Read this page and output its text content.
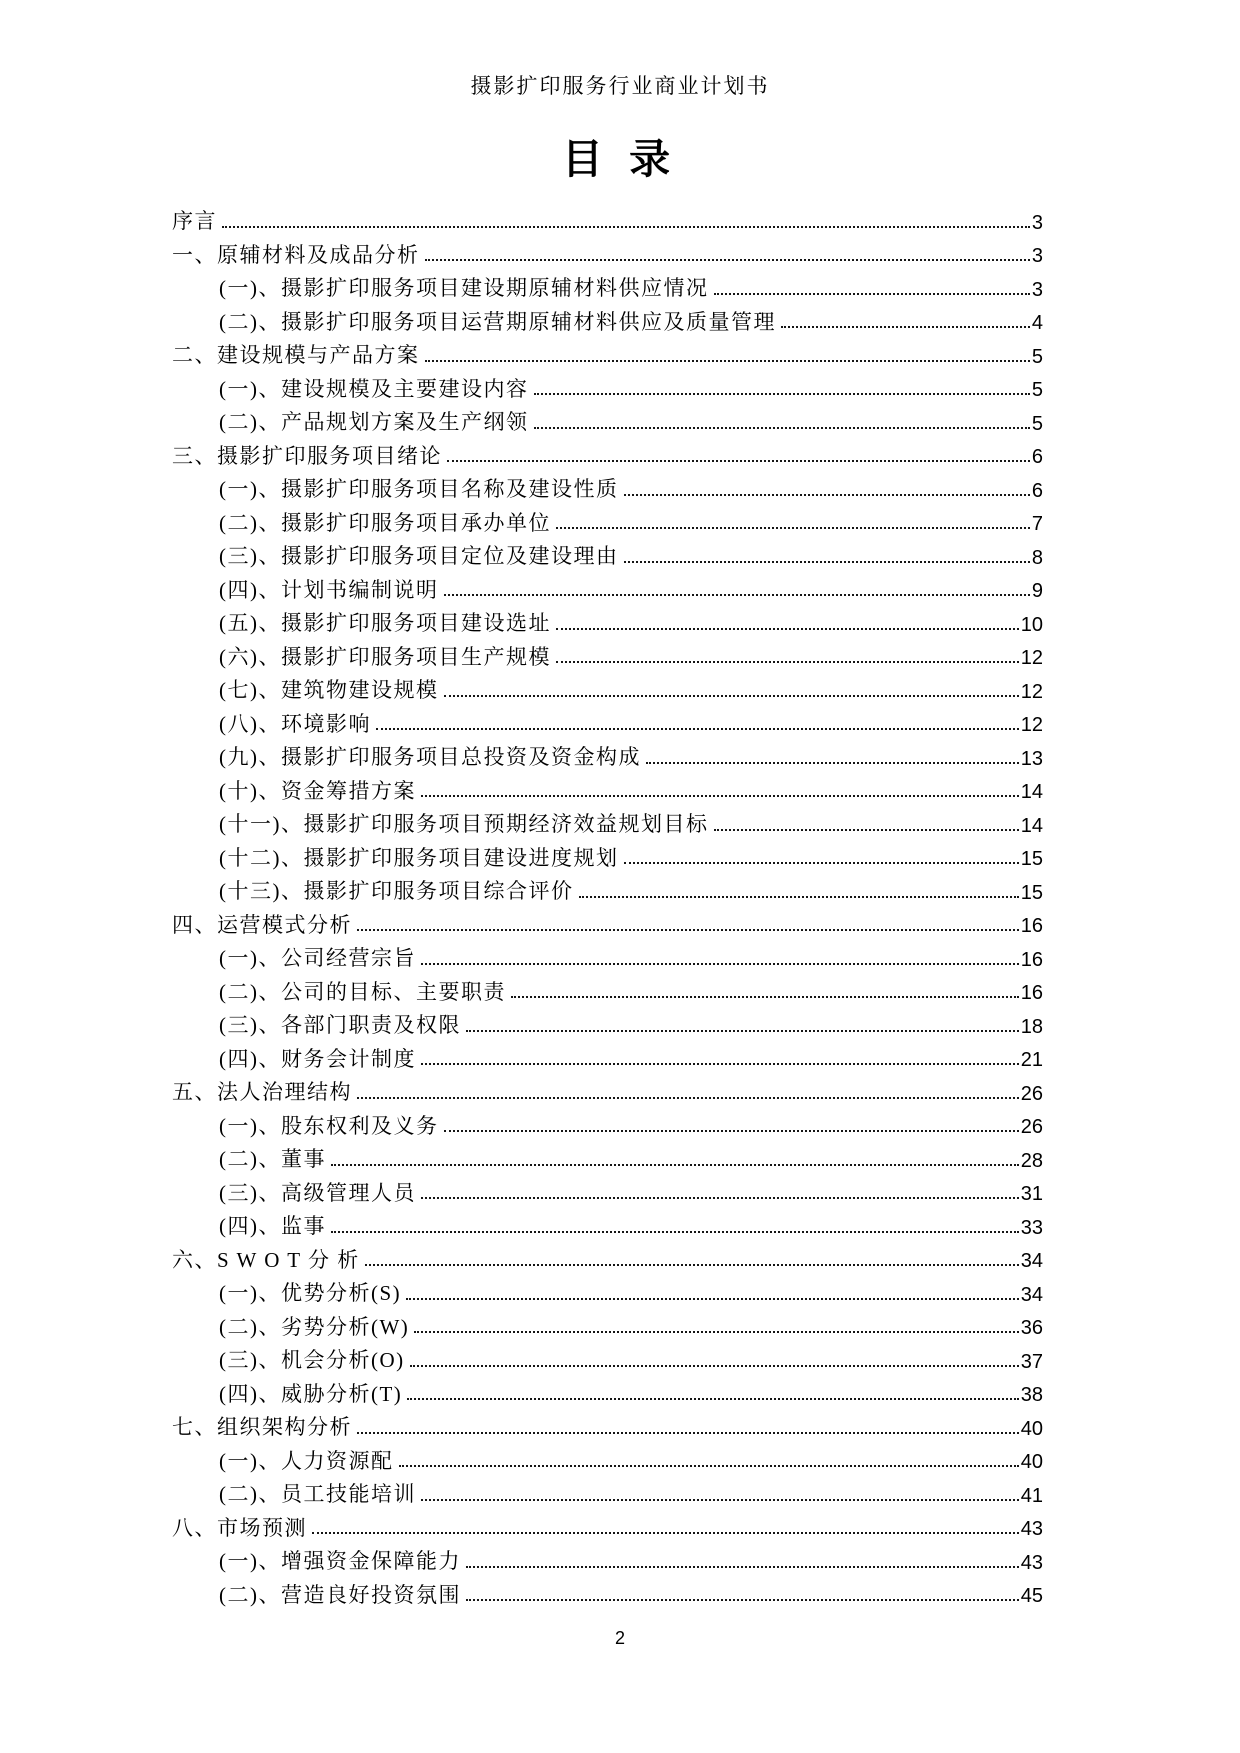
摄影扩印服务行业商业计划书
目 录
序言	3
一、原辅材料及成品分析	3
(一)、摄影扩印服务项目建设期原辅材料供应情况	3
(二)、摄影扩印服务项目运营期原辅材料供应及质量管理	4
二、建设规模与产品方案	5
(一)、建设规模及主要建设内容	5
(二)、产品规划方案及生产纲领	5
三、摄影扩印服务项目绪论	6
(一)、摄影扩印服务项目名称及建设性质	6
(二)、摄影扩印服务项目承办单位	7
(三)、摄影扩印服务项目定位及建设理由	8
(四)、计划书编制说明	9
(五)、摄影扩印服务项目建设选址	10
(六)、摄影扩印服务项目生产规模	12
(七)、建筑物建设规模	12
(八)、环境影响	12
(九)、摄影扩印服务项目总投资及资金构成	13
(十)、资金筹措方案	14
(十一)、摄影扩印服务项目预期经济效益规划目标	14
(十二)、摄影扩印服务项目建设进度规划	15
(十三)、摄影扩印服务项目综合评价	15
四、运营模式分析	16
(一)、公司经营宗旨	16
(二)、公司的目标、主要职责	16
(三)、各部门职责及权限	18
(四)、财务会计制度	21
五、法人治理结构	26
(一)、股东权利及义务	26
(二)、董事	28
(三)、高级管理人员	31
(四)、监事	33
六、S W O T 分 析	34
(一)、优势分析(S)	34
(二)、劣势分析(W)	36
(三)、机会分析(O)	37
(四)、威胁分析(T)	38
七、组织架构分析	40
(一)、人力资源配	40
(二)、员工技能培训	41
八、市场预测	43
(一)、增强资金保障能力	43
(二)、营造良好投资氛围	45
2
